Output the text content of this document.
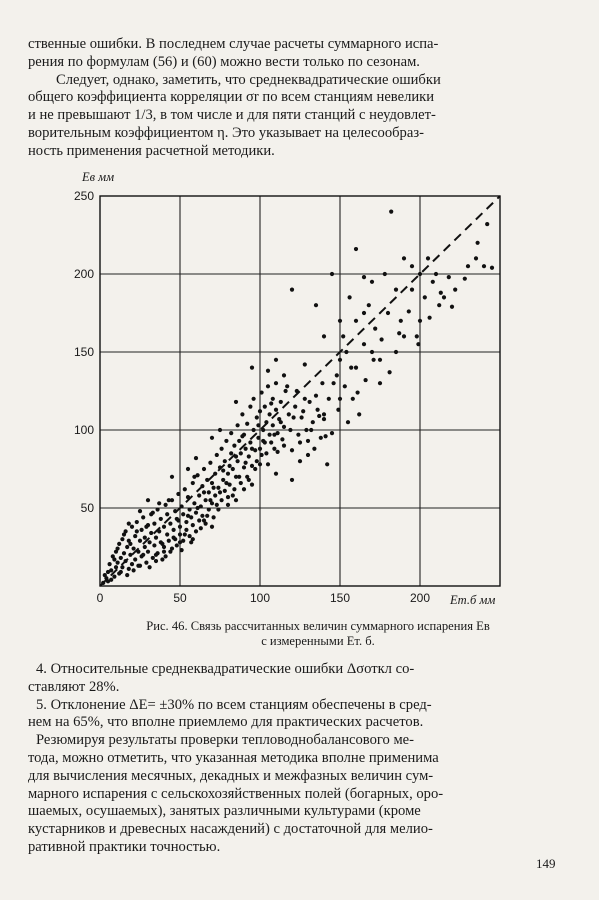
ственные ошибки. В последнем случае расчеты суммарного испа-
рения по формулам (56) и (60) можно вести только по сезонам.
Следует, однако, заметить, что среднеквадратические ошибки
общего коэффициента корреляции σr по всем станциям невелики
и не превышают 1/3, в том числе и для пяти станций с неудовлет-
ворительным коэффициентом η. Это указывает на целесообраз-
ность применения расчетной методики.

0	50	100	150	200
50
100
150
200
250
Eв мм
Eт.б мм
Рис. 46. Связь рассчитанных величин суммарного испарения Eв
с измеренными Eт. б.

4. Относительные среднеквадратические ошибки Δσоткл со-
ставляют 28%.
5. Отклонение ΔE= ±30% по всем станциям обеспечены в сред-
нем на 65%, что вполне приемлемо для практических расчетов.
Резюмируя результаты проверки тепловоднобалансового ме-
тода, можно отметить, что указанная методика вполне применима
для вычисления месячных, декадных и межфазных величин сум-
марного испарения с сельскохозяйственных полей (богарных, оро-
шаемых, осушаемых), занятых различными культурами (кроме
кустарников и древесных насаждений) с достаточной для мелио-
ративной практики точностью.

149
